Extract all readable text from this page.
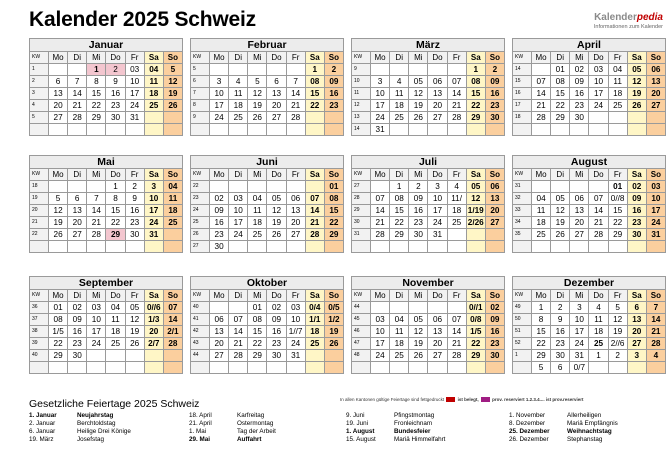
Kalender 2025 Schweiz	Kalenderpedia
Informationen zum Kalender
Januar
KW	Mo	Di	Mi	Do	Fr	Sa	So
1			1	2	03	04	5
2	6	7	8	9	10	11	12
3	13	14	15	16	17	18	19
4	20	21	22	23	24	25	26
5	27	28	29	30	31		

Februar
KW	Mo	Di	Mi	Do	Fr	Sa	So
5						1	2
6	3	4	5	6	7	08	09
7	10	11	12	13	14	15	16
8	17	18	19	20	21	22	23
9	24	25	26	27	28		

März
KW	Mo	Di	Mi	Do	Fr	Sa	So
9						1	2
10	3	4	05	06	07	08	09
11	10	11	12	13	14	15	16
12	17	18	19	20	21	22	23
13	24	25	26	27	28	29	30
14	31						
April
KW	Mo	Di	Mi	Do	Fr	Sa	So
14		01	02	03	04	05	06
15	07	08	09	10	11	12	13
16	14	15	16	17	18	19	20
17	21	22	23	24	25	26	27
18	28	29	30				

Mai
KW	Mo	Di	Mi	Do	Fr	Sa	So
18				1	2	3	04
19	5	6	7	8	9	10	11
20	12	13	14	15	16	17	18
21	19	20	21	22	23	24	25
22	26	27	28	29	30	31	

Juni
KW	Mo	Di	Mi	Do	Fr	Sa	So
22							01
23	02	03	04	05	06	07	08
24	09	10	11	12	13	14	15
25	16	17	18	19	20	21	22
26	23	24	25	26	27	28	29
27	30						
Juli
KW	Mo	Di	Mi	Do	Fr	Sa	So
27		1	2	3	4	05	06
28	07	08	09	10	11/	12	13
29	14	15	16	17	18	1/19	20
30	21	22	23	24	25	2/26	27
31	28	29	30	31			

August
KW	Mo	Di	Mi	Do	Fr	Sa	So
31					01	02	03
32	04	05	06	07	0//8	09	10
33	11	12	13	14	15	16	17
34	18	19	20	21	22	23	24
35	25	26	27	28	29	30	31

September
KW	Mo	Di	Mi	Do	Fr	Sa	So
36	01	02	03	04	05	0//6	07
37	08	09	10	11	12	1/3	14
38	1/5	16	17	18	19	20	2/1
39	22	23	24	25	26	2/7	28
40	29	30					

Oktober
KW	Mo	Di	Mi	Do	Fr	Sa	So
40			01	02	03	0/4	0/5
41	06	07	08	09	10	1/1	1/2
42	13	14	15	16	1//7	18	19
43	20	21	22	23	24	25	26
44	27	28	29	30	31		

November
KW	Mo	Di	Mi	Do	Fr	Sa	So
44						0//1	02
45	03	04	05	06	07	0/8	09
46	10	11	12	13	14	1/5	16
47	17	18	19	20	21	22	23
48	24	25	26	27	28	29	30

Dezember
KW	Mo	Di	Mi	Do	Fr	Sa	So
49	1	2	3	4	5	6	7
50	8	9	10	11	12	13	14
51	15	16	17	18	19	20	21
52	22	23	24	25	2//6	27	28
1	29	30	31	1	2	3	4
	5	6	0/7				
In allen Kantonen gültige Feiertage sind fettgedruckt	ist belegt,	prov. reserviert 1.2.3.4.... ist prov.reserviert
Gesetzliche Feiertage 2025 Schweiz
1. Januar	Neujahrstag
2. Januar	Berchtoldstag
6. Januar	Heilige Drei Könige
19. März	Josefstag
18. April	Karfreitag
21. April	Ostermontag
1. Mai	Tag der Arbeit
29. Mai	Auffahrt
9. Juni	Pfingstmontag
19. Juni	Fronleichnam
1. August	Bundesfeier
15. August	Mariä Himmelfahrt
1. November	Allerheiligen
8. Dezember	Mariä Empfängnis
25. Dezember	Weihnachtstag
26. Dezember	Stephanstag
